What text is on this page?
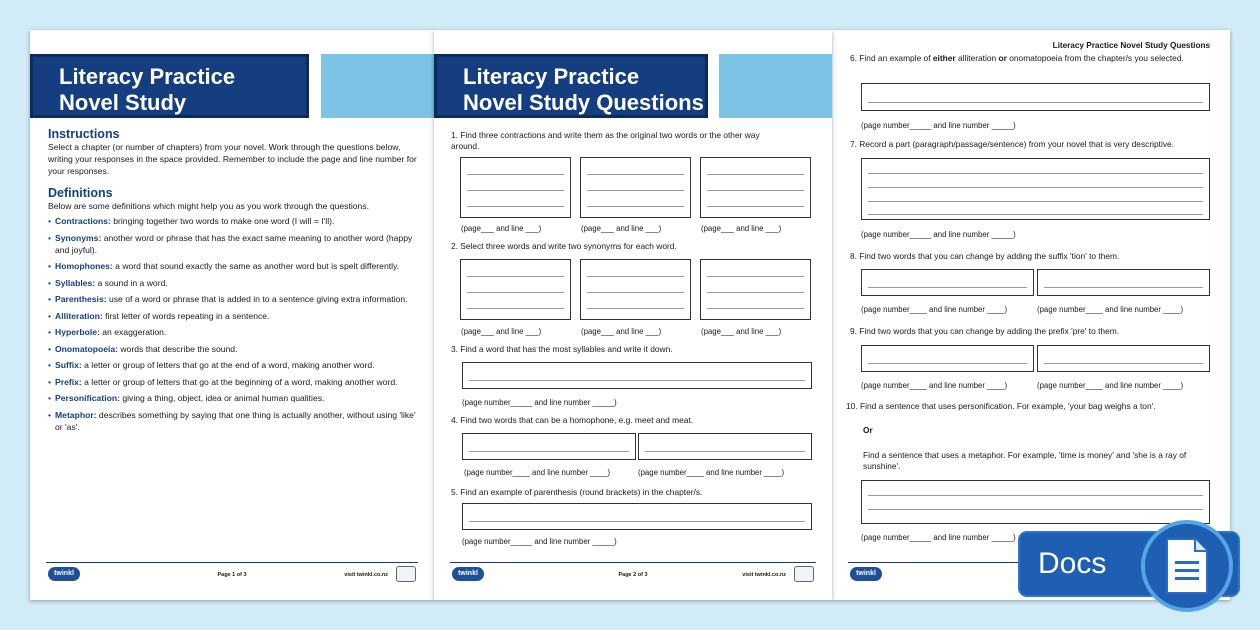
Literacy Practice
Novel Study
Instructions
Select a chapter (or number of chapters) from your novel. Work through the questions below, writing your responses in the space provided. Remember to include the page and line number for your responses.
Definitions
Below are some definitions which might help you as you work through the questions.
• Contractions: bringing together two words to make one word (I will = I'll).
• Synonyms: another word or phrase that has the exact same meaning to another word (happy and joyful).
• Homophones: a word that sound exactly the same as another word but is spelt differently.
• Syllables: a sound in a word.
• Parenthesis: use of a word or phrase that is added in to a sentence giving extra information.
• Alliteration: first letter of words repeating in a sentence.
• Hyperbole: an exaggeration.
• Onomatopoeia: words that describe the sound.
• Suffix: a letter or group of letters that go at the end of a word, making another word.
• Prefix: a letter or group of letters that go at the beginning of a word, making another word.
• Personification: giving a thing, object, idea or animal human qualities.
• Metaphor: describes something by saying that one thing is actually another, without using 'like' or 'as'.
twinkl	Page 1 of 3	visit twinkl.co.nz
Literacy Practice
Novel Study Questions
1. Find three contractions and write them as the original two words or the other way around.
(page___ and line ___)	(page___ and line ___)	(page___ and line ___)
2. Select three words and write two synonyms for each word.
(page___ and line ___)	(page___ and line ___)	(page___ and line ___)
3. Find a word that has the most syllables and write it down.
(page number_____ and line number _____)
4. Find two words that can be a homophone, e.g. meet and meat.
(page number____ and line number ____)	(page number____ and line number ____)
5. Find an example of parenthesis (round brackets) in the chapter/s.
(page number_____ and line number _____)
twinkl	Page 2 of 3	visit twinkl.co.nz
Literacy Practice Novel Study Questions
6. Find an example of either alliteration or onomatopoeia from the chapter/s you selected.
(page number_____ and line number _____)
7. Record a part (paragraph/passage/sentence) from your novel that is very descriptive.
(page number_____ and line number _____)
8. Find two words that you can change by adding the suffix 'tion' to them.
(page number____ and line number ____)	(page number____ and line number ____)
9. Find two words that you can change by adding the prefix 'pre' to them.
(page number____ and line number ____)	(page number____ and line number ____)
10. Find a sentence that uses personification. For example, 'your bag weighs a ton'.
Or
Find a sentence that uses a metaphor. For example, 'time is money' and 'she is a ray of sunshine'.
(page number_____ and line number _____)
twinkl	Docs
